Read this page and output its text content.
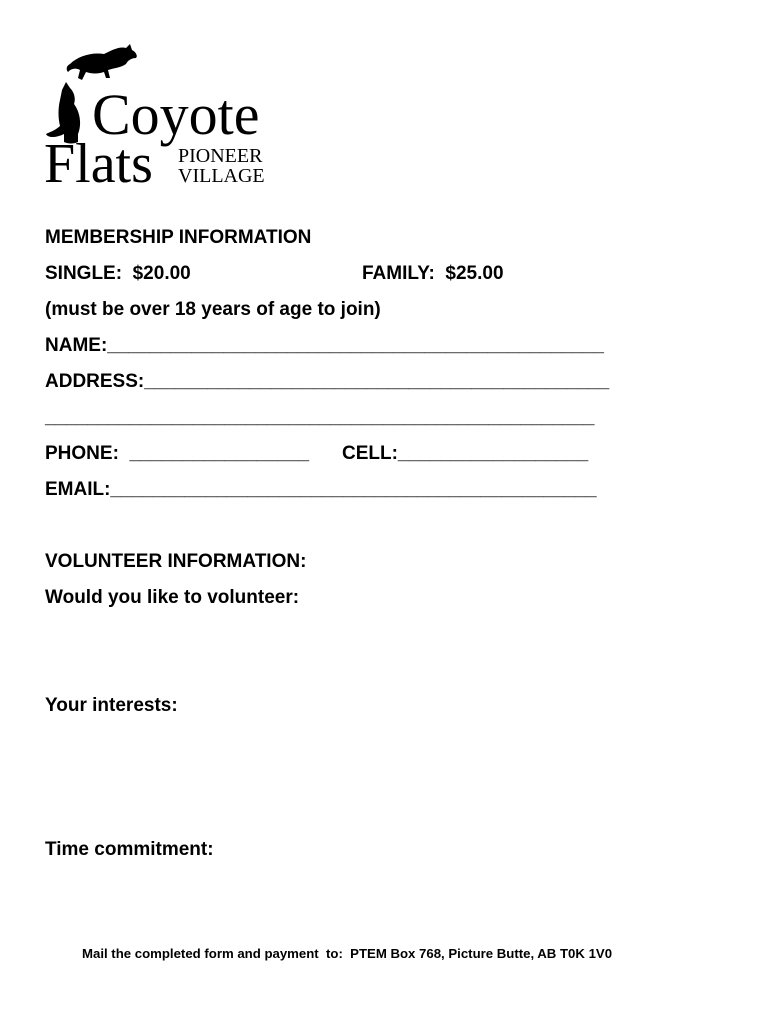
Coyote
Flats PIONEER
VILLAGE
MEMBERSHIP INFORMATION
SINGLE:  $20.00	FAMILY:  $25.00
(must be over 18 years of age to join)
NAME:_______________________________________________
ADDRESS:____________________________________________
____________________________________________________
PHONE:  _________________ CELL:__________________
EMAIL:______________________________________________
VOLUNTEER INFORMATION:
Would you like to volunteer:
Your interests:
Time commitment:
Mail the completed form and payment  to:  PTEM Box 768, Picture Butte, AB T0K 1V0
